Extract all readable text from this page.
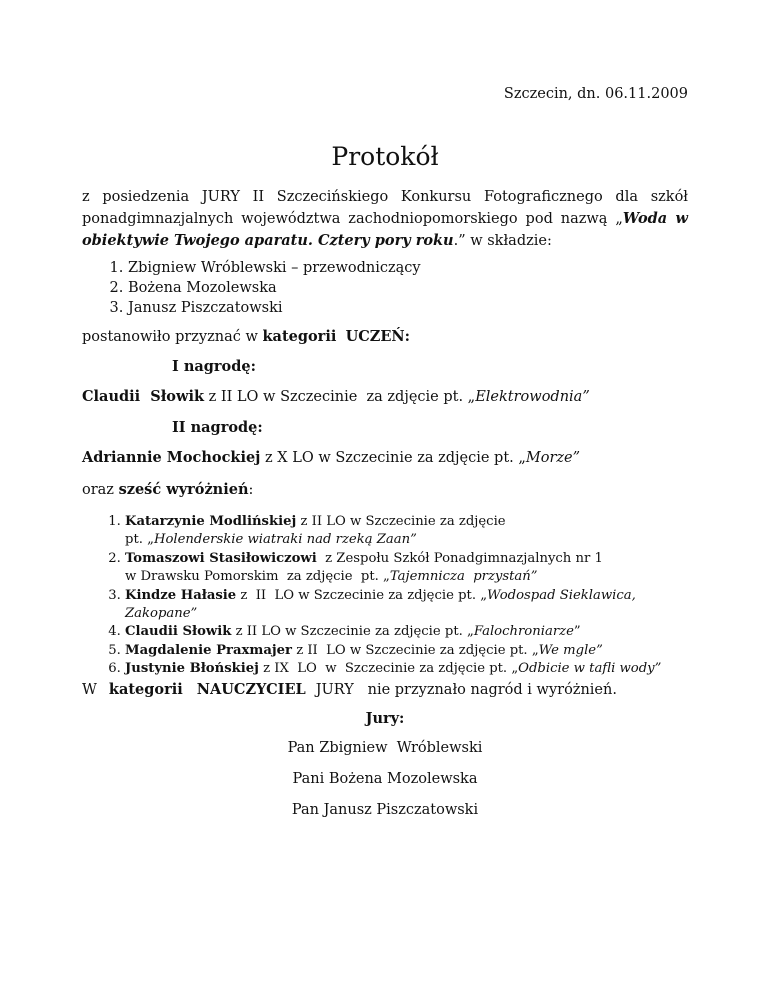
Szczecin, dn. 06.11.2009
Protokół
z posiedzenia JURY II Szczecińskiego Konkursu Fotograficznego dla szkół ponadgimnazjalnych województwa zachodniopomorskiego pod nazwą „Woda w obiektywie Twojego aparatu. Cztery pory roku.” w składzie:
1. Zbigniew Wróblewski – przewodniczący
2. Bożena Mozolewska
3. Janusz Piszczatowski
postanowiło przyznać w kategorii UCZEŃ:
I nagrodę:
Claudii  Słowik z II LO w Szczecinie  za zdjęcie pt. „Elektrowodnia”
II nagrodę:
Adriannie Mochockiej z X LO w Szczecinie za zdjęcie pt. „Morze”
oraz sześć wyróżnień:
1. Katarzynie Modlińskiej z II LO w Szczecinie za zdjęcie
pt. „Holenderskie wiatraki nad rzeką Zaan”
2. Tomaszowi Stasiłowiczowi  z Zespołu Szkół Ponadgimnazjalnych nr 1
w Drawsku Pomorskim  za zdjęcie  pt. „Tajemnicza  przystań”
3. Kindze Hałasie z  II  LO w Szczecinie za zdjęcie pt. „Wodospad Sieklawica, Zakopane”
4. Claudii Słowik z II LO w Szczecinie za zdjęcie pt. „Falochroniarze”
5. Magdalenie Praxmajer z II  LO w Szczecinie za zdjęcie pt. „We mgle”
6. Justynie Błońskiej z IX  LO  w  Szczecinie za zdjęcie pt. „Odbicie w tafli wody”
W kategorii NAUCZYCIEL JURY   nie przyznało nagród i wyróżnień.
Jury:
Pan Zbigniew  Wróblewski
Pani Bożena Mozolewska
Pan Janusz Piszczatowski
